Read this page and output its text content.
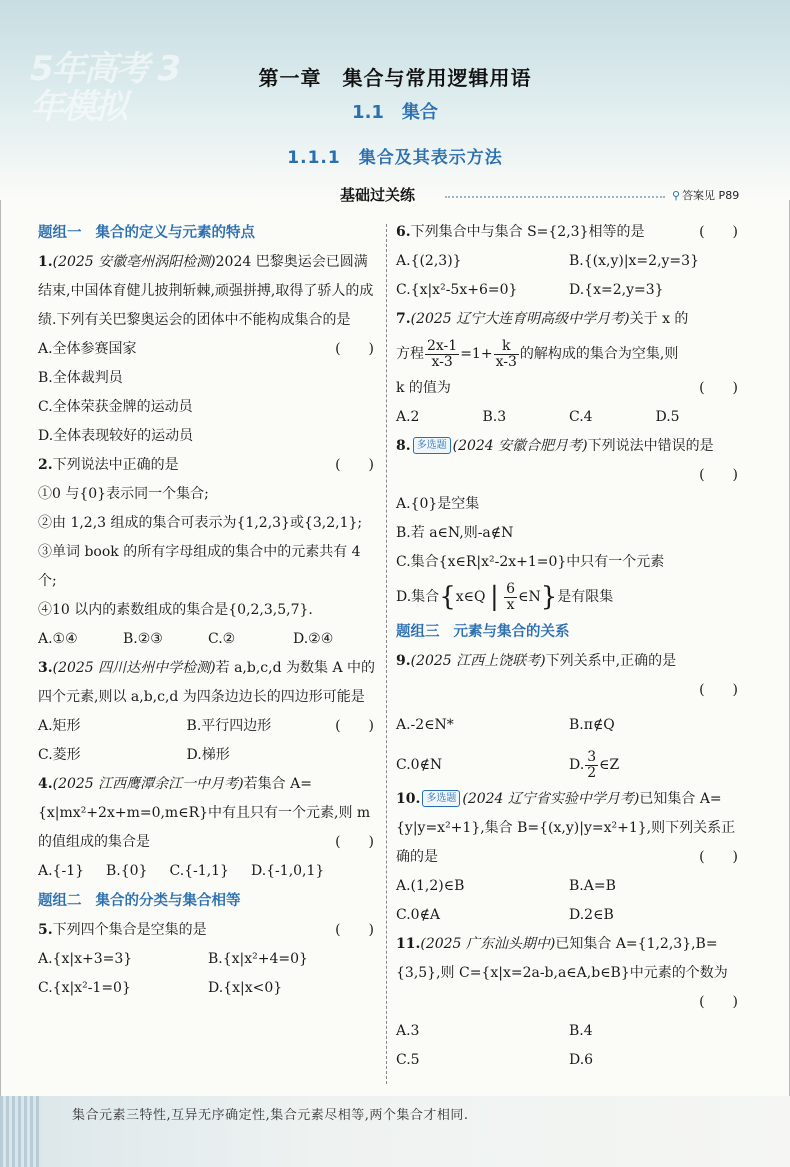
5年高考 3年模拟
第一章　集合与常用逻辑用语
1.1　集合
1.1.1　集合及其表示方法
基础过关练	⚲ 答案见 P89
题组一 集合的定义与元素的特点
1.(2025 安徽亳州涡阳检测)2024 巴黎奥运会已圆满结束,中国体育健儿披荆斩棘,顽强拼搏,取得了骄人的成绩.下列有关巴黎奥运会的团体中不能构成集合的是
(　　)
A.全体参赛国家
B.全体裁判员
C.全体荣获金牌的运动员
D.全体表现较好的运动员
2.下列说法中正确的是	(　　)
①0 与{0}表示同一个集合;
②由 1,2,3 组成的集合可表示为{1,2,3}或{3,2,1};
③单词 book 的所有字母组成的集合中的元素共有 4 个;
④10 以内的素数组成的集合是{0,2,3,5,7}.
A.①④	B.②③	C.②	D.②④
3.(2025 四川达州中学检测)若 a,b,c,d 为数集 A 中的四个元素,则以 a,b,c,d 为四条边边长的四边形可能是
(　　)
A.矩形	B.平行四边形
C.菱形	D.梯形
4.(2025 江西鹰潭余江一中月考)若集合 A={x|mx²+2x+m=0,m∈R}中有且只有一个元素,则 m 的值组成的集合是	(　　)
A.{-1} B.{0} C.{-1,1} D.{-1,0,1}
题组二 集合的分类与集合相等
5.下列四个集合是空集的是	(　　)
A.{x|x+3=3}	B.{x|x²+4=0}
C.{x|x²-1=0}	D.{x|x<0}
6.下列集合中与集合 S={2,3}相等的是	(　　)
A.{(2,3)}	B.{(x,y)|x=2,y=3}
C.{x|x²-5x+6=0}	D.{x=2,y=3}
7.(2025 辽宁大连育明高级中学月考)关于 x 的
方程 $\frac{2x-1}{x-3} =1+ \frac{k}{x-3}$ 的解构成的集合为空集,则
k 的值为	(　　)
A.2	B.3	C.4	D.5
8. 多选题 (2024 安徽合肥月考)下列说法中错误的是
(　　)
A.{0}是空集
B.若 a∈N,则-a∉N
C.集合{x∈R|x²-2x+1=0}中只有一个元素
D.集合{x∈Q | $\frac{6}{x}$ ∈N}是有限集
题组三 元素与集合的关系
9.(2025 江西上饶联考)下列关系中,正确的是
(　　)
A.-2∈N*	B.π∉Q
C.0∉N	D. $\frac{3}{2}$ ∈Z
10. 多选题 (2024 辽宁省实验中学月考)已知集合 A={y|y=x²+1},集合 B={(x,y)|y=x²+1},则下列关系正确的是	(　　)
A.(1,2)∈B	B.A=B
C.0∉A	D.2∈B
11.(2025 广东汕头期中)已知集合 A={1,2,3},B={3,5},则 C={x|x=2a-b,a∈A,b∈B}中元素的个数为
(　　)
A.3	B.4
C.5	D.6
集合元素三特性,互异无序确定性,集合元素尽相等,两个集合才相同.
